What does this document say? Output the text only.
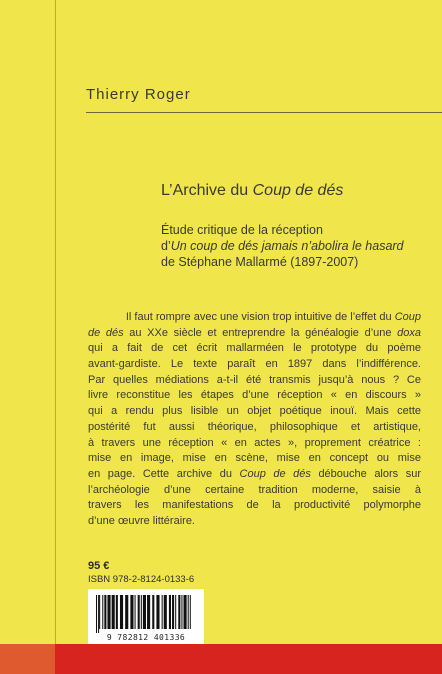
Thierry Roger
L’Archive du Coup de dés
Étude critique de la réception
d’Un coup de dés jamais n’abolira le hasard
de Stéphane Mallarmé (1897-2007)
Il faut rompre avec une vision trop intuitive de l’effet du Coup
de dés au XXe siècle et entreprendre la généalogie d’une doxa
qui a fait de cet écrit mallarméen le prototype du poème
avant-gardiste. Le texte paraît en 1897 dans l’indifférence.
Par quelles médiations a-t-il été transmis jusqu’à nous ? Ce
livre reconstitue les étapes d’une réception « en discours »
qui a rendu plus lisible un objet poétique inouï. Mais cette
postérité fut aussi théorique, philosophique et artistique,
à travers une réception « en actes », proprement créatrice :
mise en image, mise en scène, mise en concept ou mise
en page. Cette archive du Coup de dés débouche alors sur
l’archéologie d’une certaine tradition moderne, saisie à
travers les manifestations de la productivité polymorphe
d’une œuvre littéraire.
95 €
ISBN 978-2-8124-0133-6
9 782812 401336
